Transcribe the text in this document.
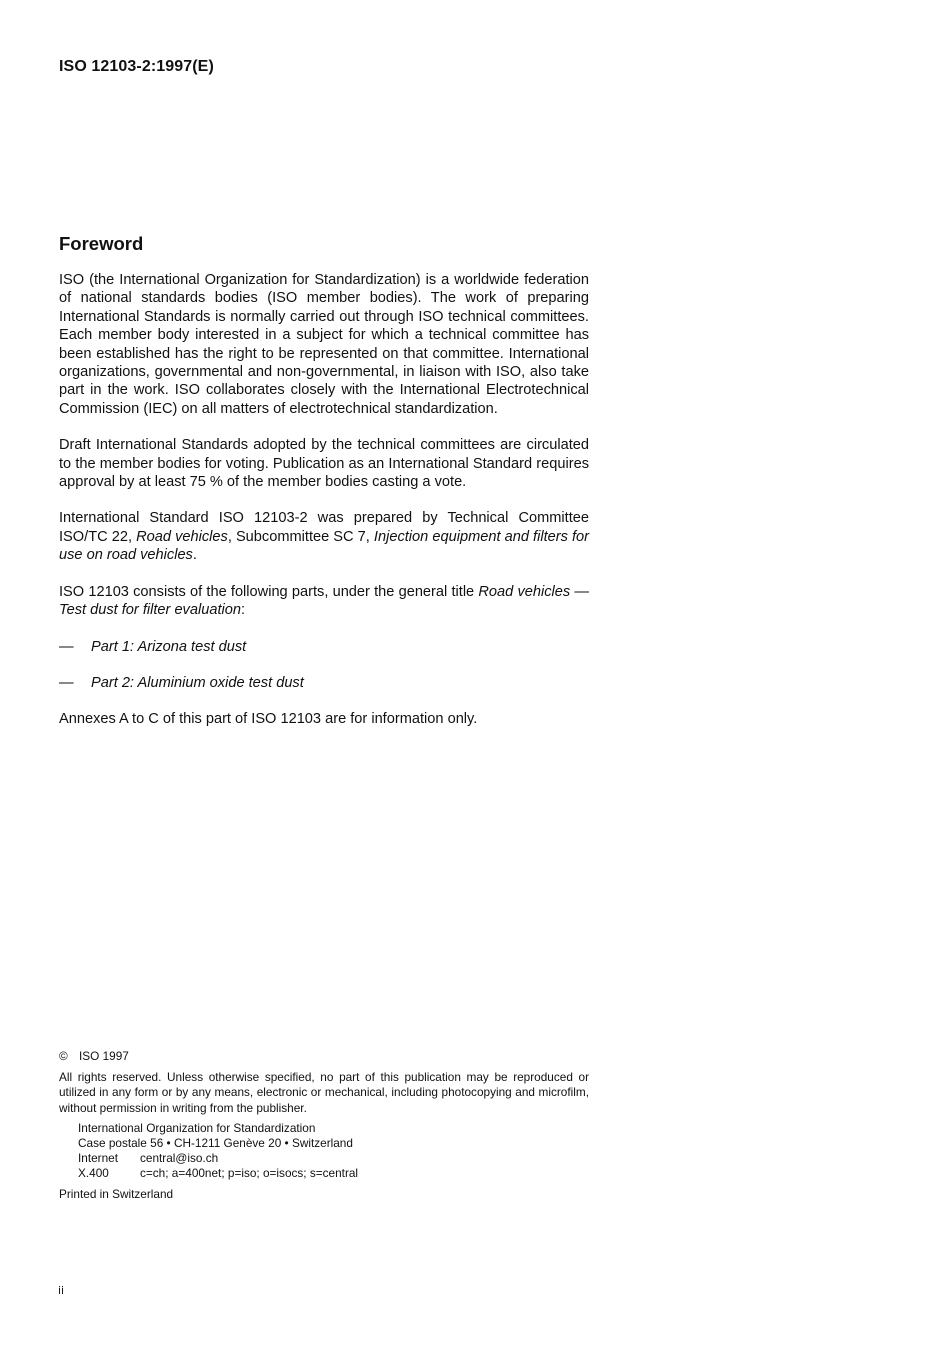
ISO 12103-2:1997(E)
Foreword

ISO (the International Organization for Standardization) is a worldwide federation of national standards bodies (ISO member bodies). The work of preparing International Standards is normally carried out through ISO technical committees. Each member body interested in a subject for which a technical committee has been established has the right to be represented on that committee. International organizations, governmental and non-governmental, in liaison with ISO, also take part in the work. ISO collaborates closely with the International Electrotechnical Commission (IEC) on all matters of electrotechnical standardization.

Draft International Standards adopted by the technical committees are circulated to the member bodies for voting. Publication as an International Standard requires approval by at least 75 % of the member bodies casting a vote.

International Standard ISO 12103-2 was prepared by Technical Committee ISO/TC 22, Road vehicles, Subcommittee SC 7, Injection equipment and filters for use on road vehicles.

ISO 12103 consists of the following parts, under the general title Road vehicles — Test dust for filter evaluation:

—	Part 1: Arizona test dust
—	Part 2: Aluminium oxide test dust

Annexes A to C of this part of ISO 12103 are for information only.

© ISO 1997
All rights reserved. Unless otherwise specified, no part of this publication may be reproduced or utilized in any form or by any means, electronic or mechanical, including photocopying and microfilm, without permission in writing from the publisher.
International Organization for Standardization
Case postale 56 • CH-1211 Genève 20 • Switzerland
Internet	central@iso.ch
X.400	c=ch; a=400net; p=iso; o=isocs; s=central
Printed in Switzerland
ii
